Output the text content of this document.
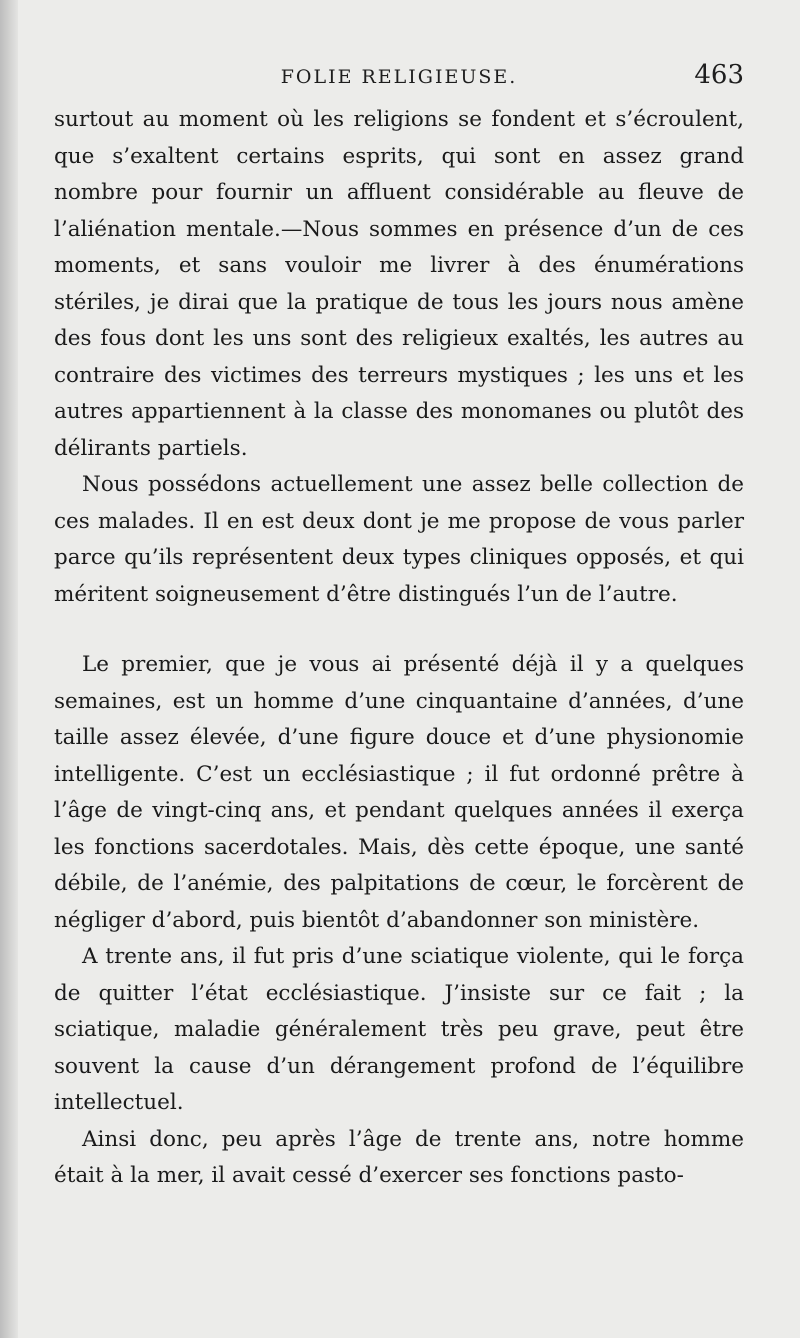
FOLIE RELIGIEUSE.	463

surtout au moment où les religions se fondent et s’écroulent, que s’exaltent certains esprits, qui sont en assez grand nombre pour fournir un affluent considérable au fleuve de l’aliénation mentale.—Nous sommes en présence d’un de ces moments, et sans vouloir me livrer à des énumérations stériles, je dirai que la pratique de tous les jours nous amène des fous dont les uns sont des religieux exaltés, les autres au contraire des victimes des terreurs mystiques ; les uns et les autres appartiennent à la classe des monomanes ou plutôt des délirants partiels.

Nous possédons actuellement une assez belle collection de ces malades. Il en est deux dont je me propose de vous parler parce qu’ils représentent deux types cliniques opposés, et qui méritent soigneusement d’être distingués l’un de l’autre.

Le premier, que je vous ai présenté déjà il y a quelques semaines, est un homme d’une cinquantaine d’années, d’une taille assez élevée, d’une figure douce et d’une physionomie intelligente. C’est un ecclésiastique ; il fut ordonné prêtre à l’âge de vingt-cinq ans, et pendant quelques années il exerça les fonctions sacerdotales. Mais, dès cette époque, une santé débile, de l’anémie, des palpitations de cœur, le forcèrent de négliger d’abord, puis bientôt d’abandonner son ministère.

A trente ans, il fut pris d’une sciatique violente, qui le força de quitter l’état ecclésiastique. J’insiste sur ce fait ; la sciatique, maladie généralement très peu grave, peut être souvent la cause d’un dérangement profond de l’équilibre intellectuel.

Ainsi donc, peu après l’âge de trente ans, notre homme était à la mer, il avait cessé d’exercer ses fonctions pasto-
